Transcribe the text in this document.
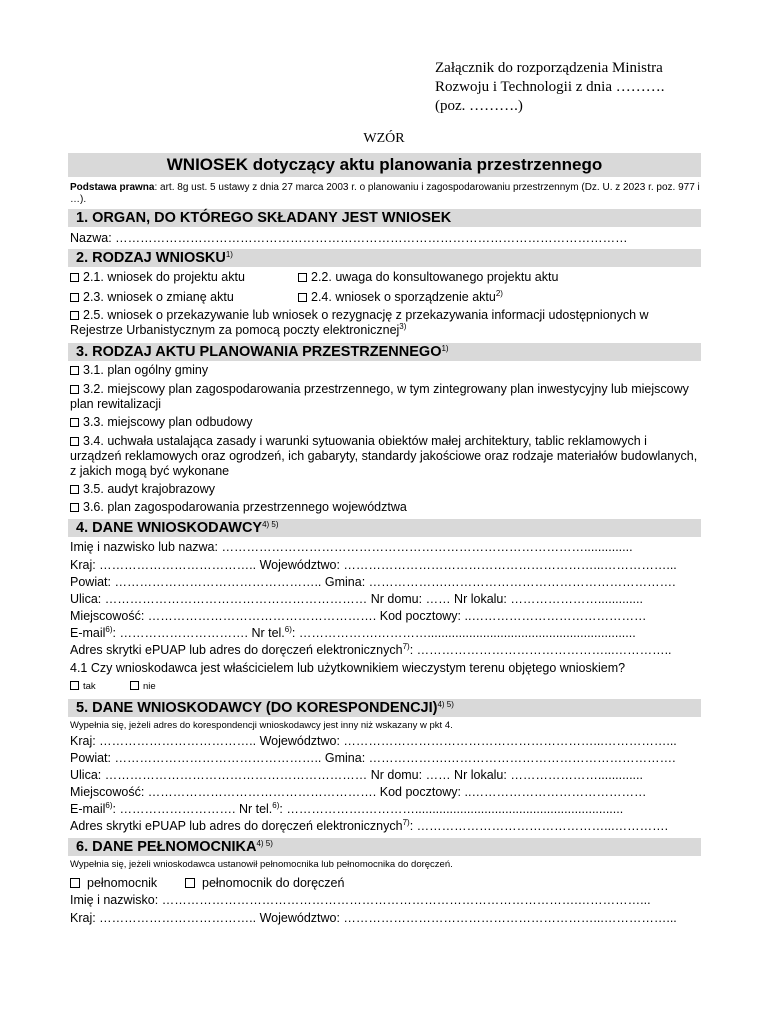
Załącznik do rozporządzenia Ministra
Rozwoju i Technologii z dnia ……….
(poz. ……….)
WZÓR
WNIOSEK dotyczący aktu planowania przestrzennego
Podstawa prawna: art. 8g ust. 5 ustawy z dnia 27 marca 2003 r. o planowaniu i zagospodarowaniu przestrzennym (Dz. U. z 2023 r. poz. 977 i …).
1. ORGAN, DO KTÓREGO SKŁADANY JEST WNIOSEK
Nazwa: ……………………………………………………………………………………………………………
2. RODZAJ WNIOSKU$^{1)}$
2.1. wniosek do projektu aktu	2.2. uwaga do konsultowanego projektu aktu
2.3. wniosek o zmianę aktu	2.4. wniosek o sporządzenie aktu$^{2)}$
2.5. wniosek o przekazywanie lub wniosek o rezygnację z przekazywania informacji udostępnionych w Rejestrze Urbanistycznym za pomocą poczty elektronicznej$^{3)}$
3. RODZAJ AKTU PLANOWANIA PRZESTRZENNEGO$^{1)}$
3.1. plan ogólny gminy
3.2. miejscowy plan zagospodarowania przestrzennego, w tym zintegrowany plan inwestycyjny lub miejscowy plan rewitalizacji
3.3. miejscowy plan odbudowy
3.4. uchwała ustalająca zasady i warunki sytuowania obiektów małej architektury, tablic reklamowych i urządzeń reklamowych oraz ogrodzeń, ich gabaryty, standardy jakościowe oraz rodzaje materiałów budowlanych, z jakich mogą być wykonane
3.5. audyt krajobrazowy
3.6. plan zagospodarowania przestrzennego województwa
4. DANE $WNIOSKODAWCY^{4) 5)}$
Imię i nazwisko lub nazwa: ……………………………………………………………………………..............
Kraj: ……………………………….. Województwo: ……………………………………………………...……………...
Powiat: ………………………………………….. Gmina: ……………….……………………………………………….
Ulica: ……………………………………………………… Nr domu: …… Nr lokalu: ………………….............
Miejscowość: ………………………………………………. Kod pocztowy: ..……………………………………
E-mail$^{6)}$: …………………………. Nr tel.$^{6)}$: ……………….…………............................................................
Adres skrytki ePUAP lub adres do doręczeń elektronicznych$^{7)}$: ………………………………………...…………..
4.1 Czy wnioskodawca jest właścicielem lub użytkownikiem wieczystym terenu objętego wnioskiem?
tak	nie
5. DANE WNIOSKODAWCY (DO KORESPONDENCJI)$^{4) 5)}$
Wypełnia się, jeżeli adres do korespondencji wnioskodawcy jest inny niż wskazany w pkt 4.
Kraj: ……………………………….. Województwo: ……………………………………………………...……………...
Powiat: ………………………………………….. Gmina: ……………….……………………………………………….
Ulica: ……………………………………………………… Nr domu: …… Nr lokalu: ………………….............
Miejscowość: ………………………………………………. Kod pocztowy: ..……………………………………
E-mail$^{6)}$: ………………………. Nr tel.$^{6)}$: ……………….…………............................................................
Adres skrytki ePUAP lub adres do doręczeń elektronicznych$^{7)}$: ………………………………………...………….
6. DANE $PEŁNOMOCNIKA^{4) 5)}$
Wypełnia się, jeżeli wnioskodawca ustanowił pełnomocnika lub pełnomocnika do doręczeń.
pełnomocnik	pełnomocnik do doręczeń
Imię i nazwisko: ……………………………………………………………………………………….……………...
Kraj: ……………………………….. Województwo: ……………………………………………………...……………...
